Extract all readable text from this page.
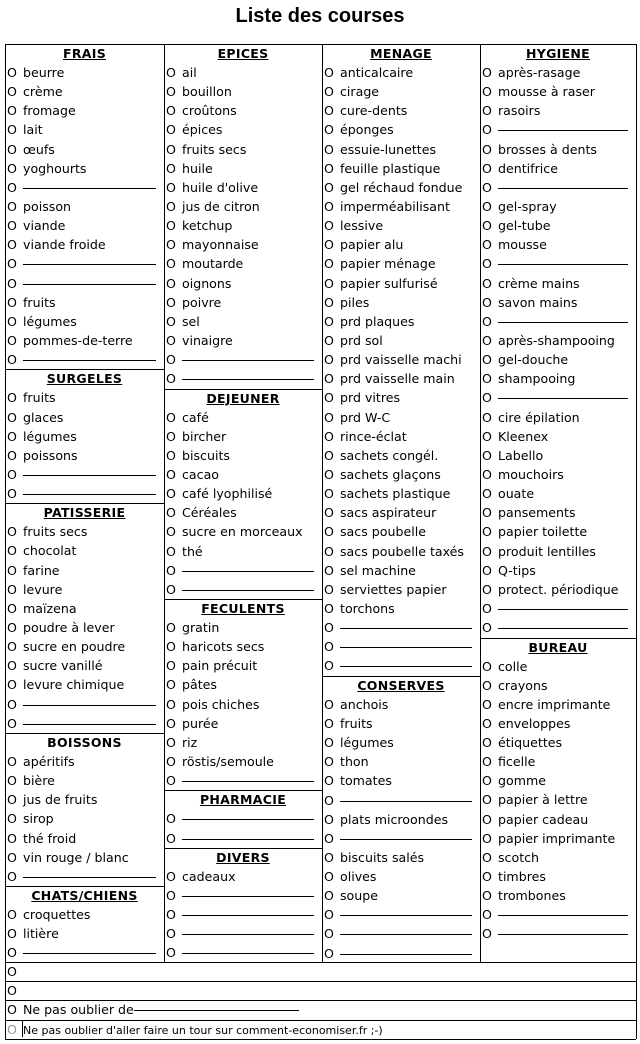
Liste des courses
FRAIS
O beurre
O crème
O fromage
O lait
O œufs
O yoghourts
O
O poisson
O viande
O viande froide
O
O
O fruits
O légumes
O pommes-de-terre
O
SURGELES
O fruits
O glaces
O légumes
O poissons
O
O
PATISSERIE
O fruits secs
O chocolat
O farine
O levure
O maïzena
O poudre à lever
O sucre en poudre
O sucre vanillé
O levure chimique
O
O
BOISSONS
O apéritifs
O bière
O jus de fruits
O sirop
O thé froid
O vin rouge / blanc
O
CHATS/CHIENS
O croquettes
O litière
O
EPICES
O ail
O bouillon
O croûtons
O épices
O fruits secs
O huile
O huile d'olive
O jus de citron
O ketchup
O mayonnaise
O moutarde
O oignons
O poivre
O sel
O vinaigre
O
O
DEJEUNER
O café
O bircher
O biscuits
O cacao
O café lyophilisé
O Céréales
O sucre en morceaux
O thé
O
O
FECULENTS
O gratin
O haricots secs
O pain précuit
O pâtes
O pois chiches
O purée
O riz
O röstis/semoule
O
PHARMACIE
O
O
DIVERS
O cadeaux
O
O
O
O
MENAGE
O anticalcaire
O cirage
O cure-dents
O éponges
O essuie-lunettes
O feuille plastique
O gel réchaud fondue
O imperméabilisant
O lessive
O papier alu
O papier ménage
O papier sulfurisé
O piles
O prd plaques
O prd sol
O prd vaisselle machi
O prd vaisselle main
O prd vitres
O prd W-C
O rince-éclat
O sachets congél.
O sachets glaçons
O sachets plastique
O sacs aspirateur
O sacs poubelle
O sacs poubelle taxés
O sel machine
O serviettes papier
O torchons
O
O
O
CONSERVES
O anchois
O fruits
O légumes
O thon
O tomates
O
O plats microondes
O
O biscuits salés
O olives
O soupe
O
O
O
HYGIENE
O après-rasage
O mousse à raser
O rasoirs
O
O brosses à dents
O dentifrice
O
O gel-spray
O gel-tube
O mousse
O
O crème mains
O savon mains
O
O après-shampooing
O gel-douche
O shampooing
O
O cire épilation
O Kleenex
O Labello
O mouchoirs
O ouate
O pansements
O papier toilette
O produit lentilles
O Q-tips
O protect. périodique
O
O
BUREAU
O colle
O crayons
O encre imprimante
O enveloppes
O étiquettes
O ficelle
O gomme
O papier à lettre
O papier cadeau
O papier imprimante
O scotch
O timbres
O trombones
O
O
O
O
O Ne pas oublier de
O Ne pas oublier d'aller faire un tour sur comment-economiser.fr ;-)
